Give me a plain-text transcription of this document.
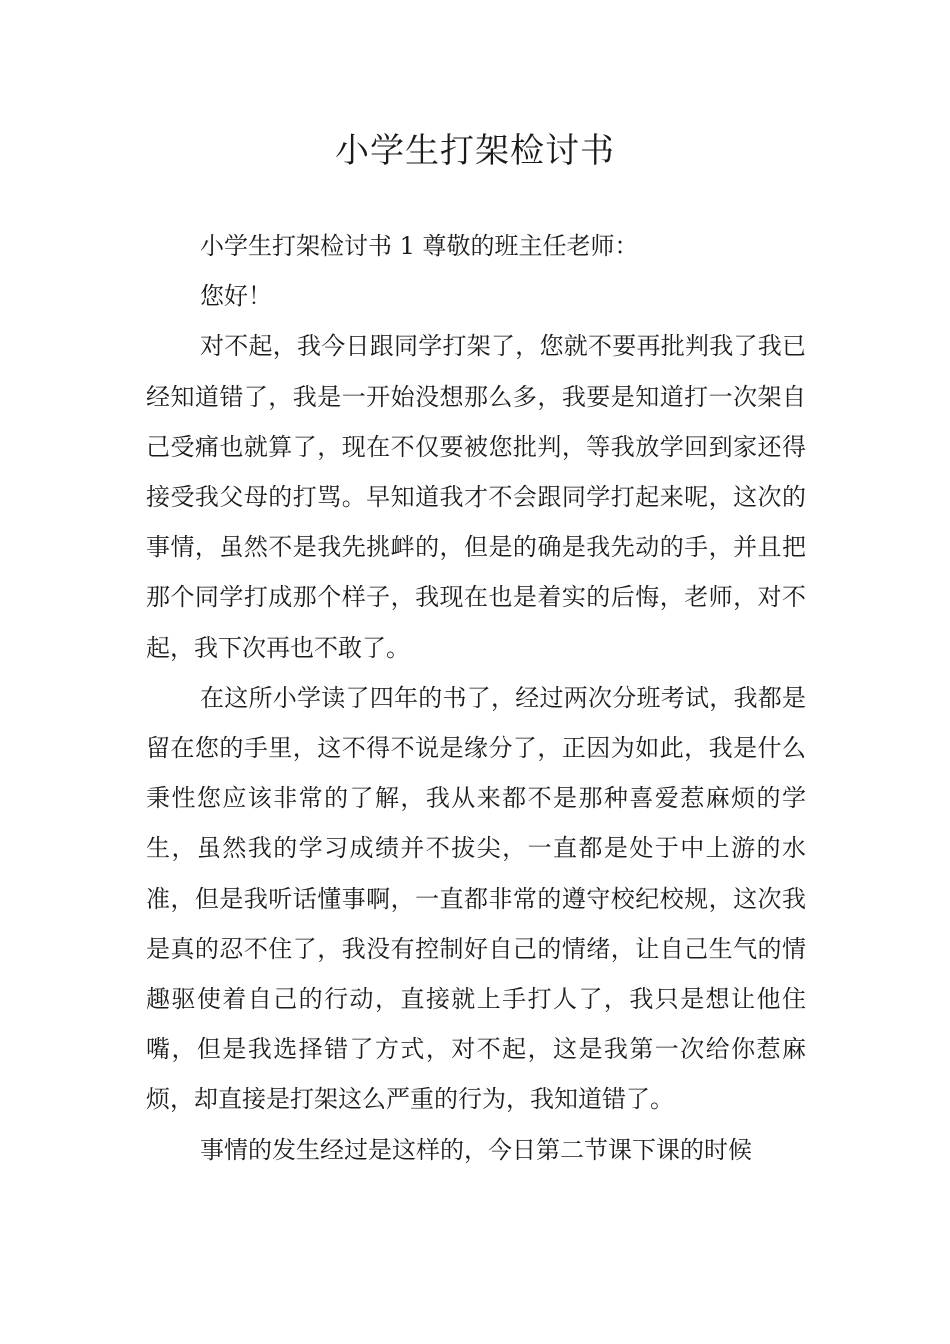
小学生打架检讨书

小学生打架检讨书 1 尊敬的班主任老师：

您好！

对不起，我今日跟同学打架了，您就不要再批判我了我已经知道错了，我是一开始没想那么多，我要是知道打一次架自己受痛也就算了，现在不仅要被您批判，等我放学回到家还得接受我父母的打骂。早知道我才不会跟同学打起来呢，这次的事情，虽然不是我先挑衅的，但是的确是我先动的手，并且把那个同学打成那个样子，我现在也是着实的后悔，老师，对不起，我下次再也不敢了。

在这所小学读了四年的书了，经过两次分班考试，我都是留在您的手里，这不得不说是缘分了，正因为如此，我是什么秉性您应该非常的了解，我从来都不是那种喜爱惹麻烦的学生，虽然我的学习成绩并不拔尖，一直都是处于中上游的水准，但是我听话懂事啊，一直都非常的遵守校纪校规，这次我是真的忍不住了，我没有控制好自己的情绪，让自己生气的情趣驱使着自己的行动，直接就上手打人了，我只是想让他住嘴，但是我选择错了方式，对不起，这是我第一次给你惹麻烦，却直接是打架这么严重的行为，我知道错了。

事情的发生经过是这样的，今日第二节课下课的时候
